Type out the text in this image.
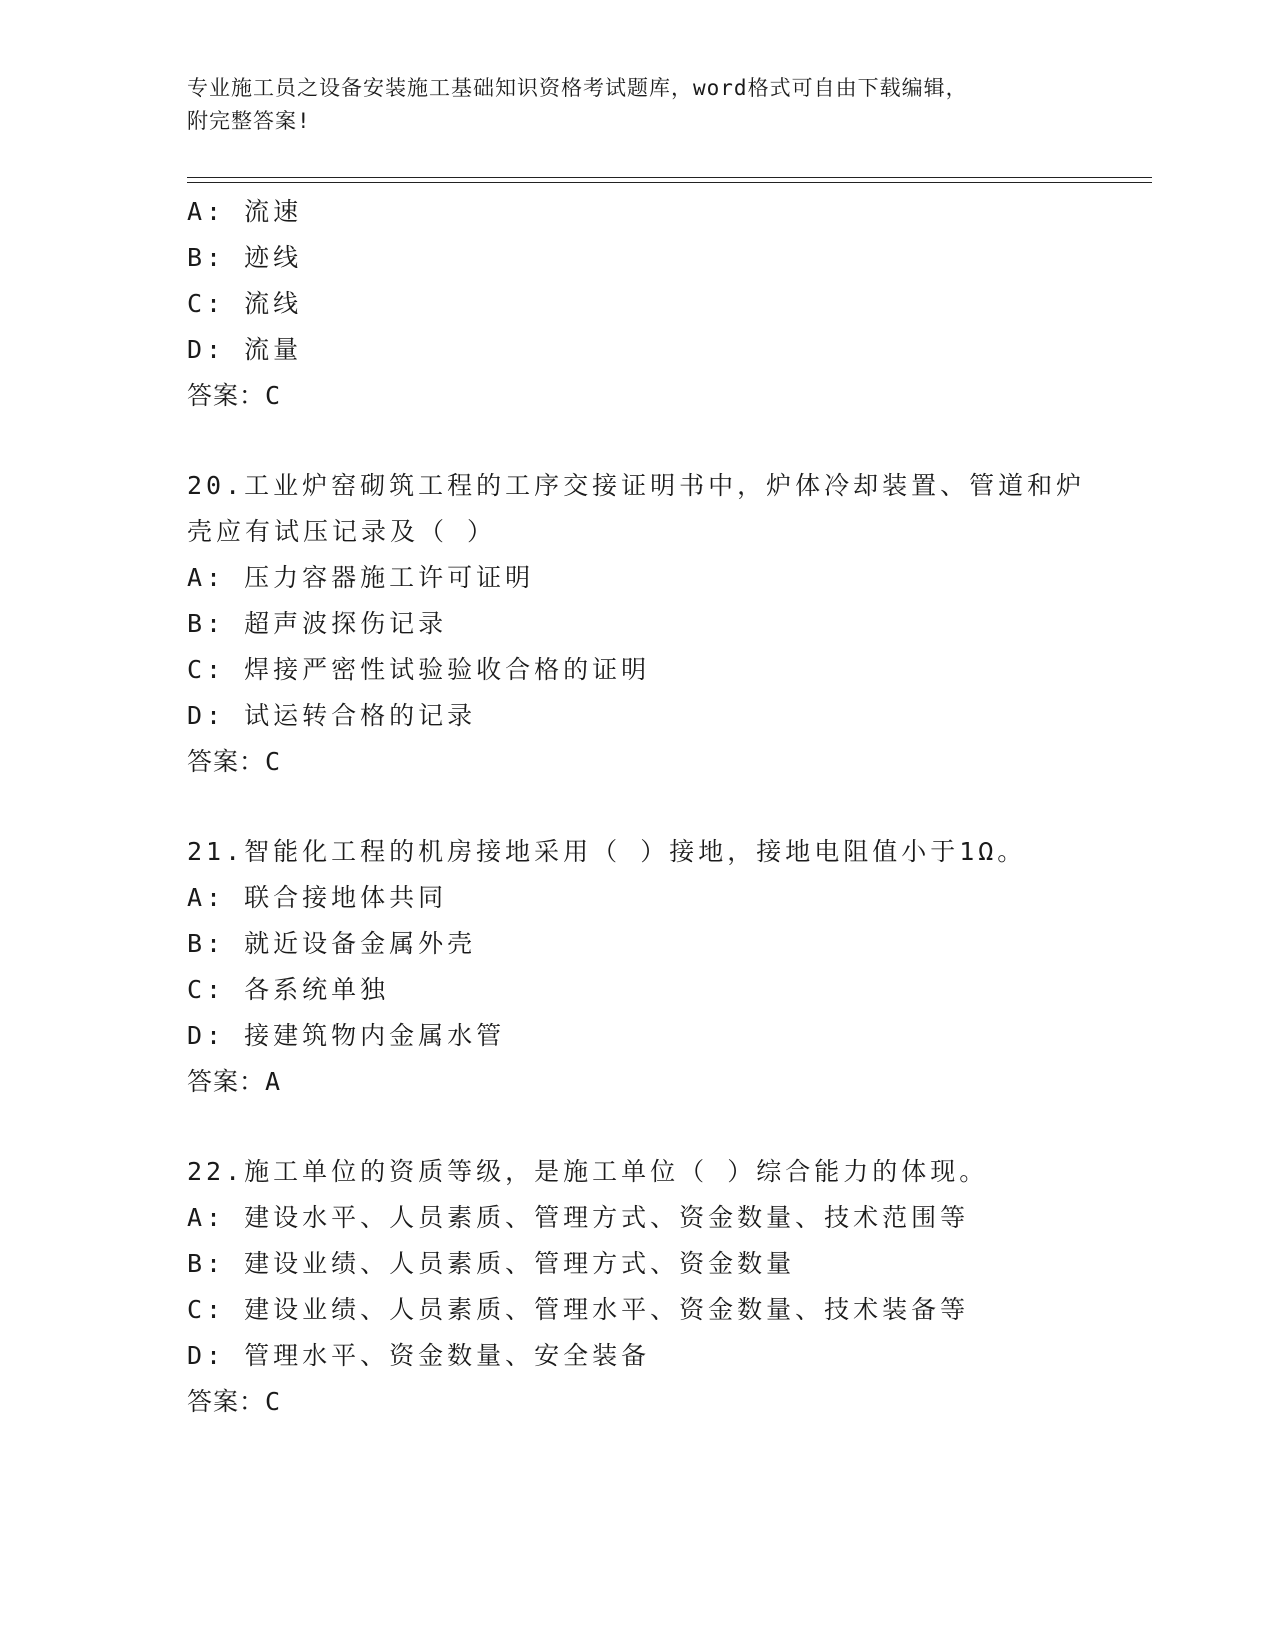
专业施工员之设备安装施工基础知识资格考试题库，word格式可自由下载编辑，
附完整答案!
A: 流速
B: 迹线
C: 流线
D: 流量
答案：C
20.工业炉窑砌筑工程的工序交接证明书中，炉体冷却装置、管道和炉
壳应有试压记录及（ ）
A: 压力容器施工许可证明
B: 超声波探伤记录
C: 焊接严密性试验验收合格的证明
D: 试运转合格的记录
答案：C
21.智能化工程的机房接地采用（ ）接地，接地电阻值小于1Ω。
A: 联合接地体共同
B: 就近设备金属外壳
C: 各系统单独
D: 接建筑物内金属水管
答案：A
22.施工单位的资质等级，是施工单位（ ）综合能力的体现。
A: 建设水平、人员素质、管理方式、资金数量、技术范围等
B: 建设业绩、人员素质、管理方式、资金数量
C: 建设业绩、人员素质、管理水平、资金数量、技术装备等
D: 管理水平、资金数量、安全装备
答案：C
